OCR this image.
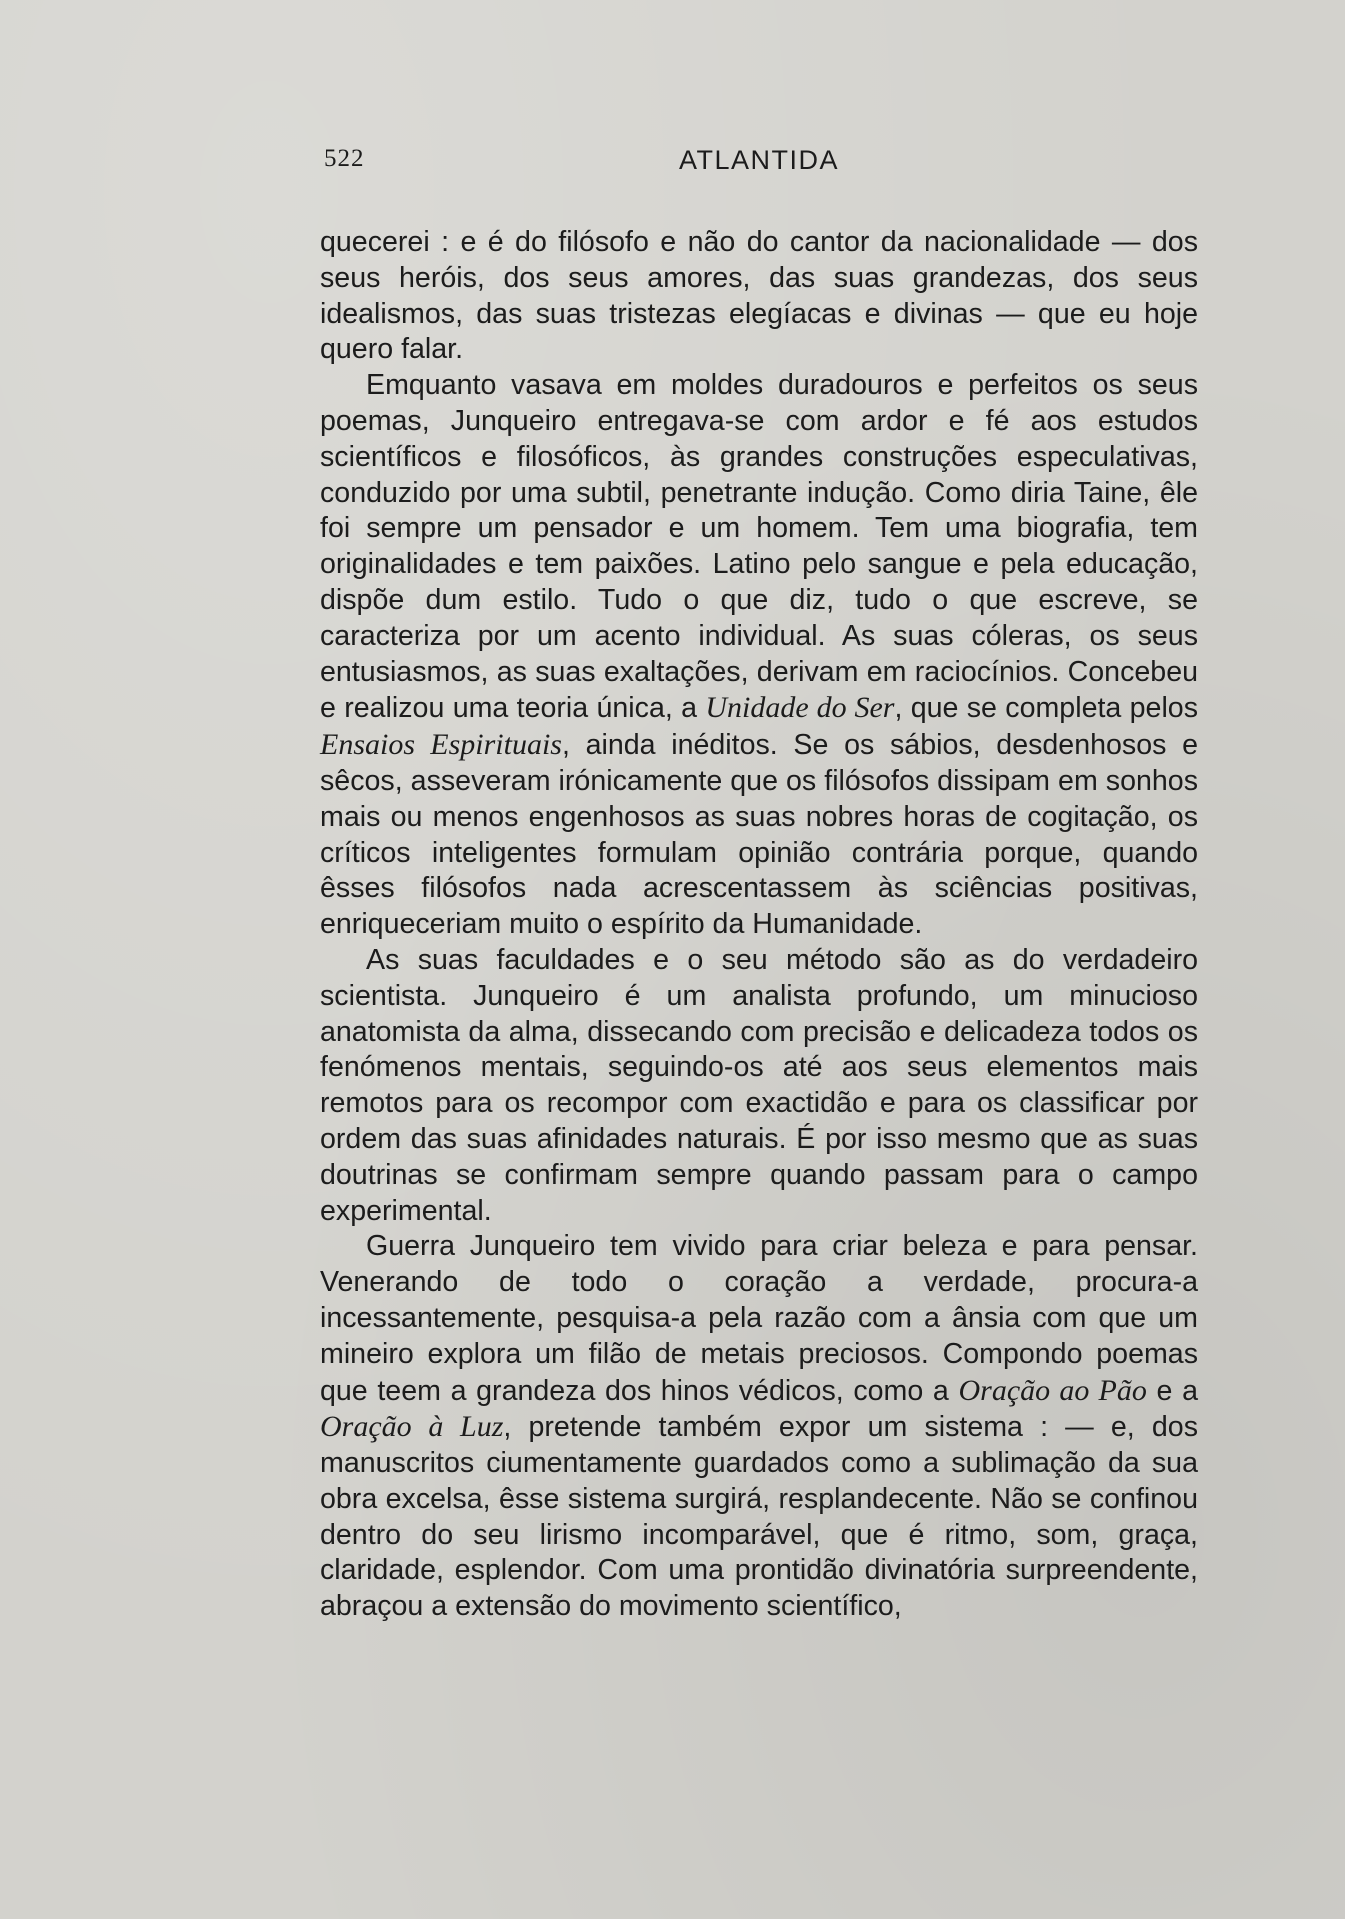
522	ATLANTIDA

quecerei : e é do filósofo e não do cantor da nacionalidade — dos seus heróis, dos seus amores, das suas grandezas, dos seus idealismos, das suas tristezas elegíacas e divinas — que eu hoje quero falar.

Emquanto vasava em moldes duradouros e perfeitos os seus poemas, Junqueiro entregava-se com ardor e fé aos estudos scientíficos e filosóficos, às grandes construções especulativas, conduzido por uma subtil, penetrante indução. Como diria Taine, êle foi sempre um pensador e um homem. Tem uma biografia, tem originalidades e tem paixões. Latino pelo sangue e pela educação, dispõe dum estilo. Tudo o que diz, tudo o que escreve, se caracteriza por um acento individual. As suas cóleras, os seus entusiasmos, as suas exaltações, derivam em raciocínios. Concebeu e realizou uma teoria única, a Unidade do Ser, que se completa pelos Ensaios Espirituais, ainda inéditos. Se os sábios, desdenhosos e sêcos, asseveram irónicamente que os filósofos dissipam em sonhos mais ou menos engenhosos as suas nobres horas de cogitação, os críticos inteligentes formulam opinião contrária porque, quando êsses filósofos nada acrescentassem às sciências positivas, enriqueceriam muito o espírito da Humanidade.

As suas faculdades e o seu método são as do verdadeiro scientista. Junqueiro é um analista profundo, um minucioso anatomista da alma, dissecando com precisão e delicadeza todos os fenómenos mentais, seguindo-os até aos seus elementos mais remotos para os recompor com exactidão e para os classificar por ordem das suas afinidades naturais. É por isso mesmo que as suas doutrinas se confirmam sempre quando passam para o campo experimental.

Guerra Junqueiro tem vivido para criar beleza e para pensar. Venerando de todo o coração a verdade, procura-a incessantemente, pesquisa-a pela razão com a ânsia com que um mineiro explora um filão de metais preciosos. Compondo poemas que teem a grandeza dos hinos védicos, como a Oração ao Pão e a Oração à Luz, pretende também expor um sistema : — e, dos manuscritos ciumentamente guardados como a sublimação da sua obra excelsa, êsse sistema surgirá, resplandecente. Não se confinou dentro do seu lirismo incomparável, que é ritmo, som, graça, claridade, esplendor. Com uma prontidão divinatória surpreendente, abraçou a extensão do movimento scientífico,
